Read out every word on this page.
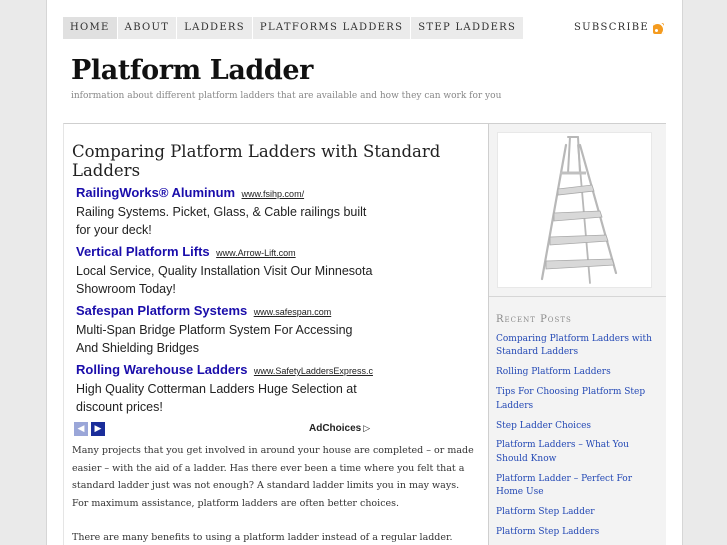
HOME	ABOUT	LADDERS	PLATFORMS LADDERS	STEP LADDERS	SUBSCRIBE
Platform Ladder
information about different platform ladders that are available and how they can work for you
Comparing Platform Ladders with Standard Ladders
RailingWorks® Aluminum www.fsihp.com/
Railing Systems. Picket, Glass, & Cable railings built for your deck!
Vertical Platform Lifts www.Arrow-Lift.com
Local Service, Quality Installation Visit Our Minnesota Showroom Today!
Safespan Platform Systems www.safespan.com
Multi-Span Bridge Platform System For Accessing And Shielding Bridges
Rolling Warehouse Ladders www.SafetyLaddersExpress.c
High Quality Cotterman Ladders Huge Selection at discount prices!
◀	▶	AdChoices ▷

Many projects that you get involved in around your house are completed – or made easier – with the aid of a ladder. Has there ever been a time where you felt that a standard ladder just was not enough? A standard ladder limits you in may ways. For maximum assistance, platform ladders are often better choices.

There are many benefits to using a platform ladder instead of a regular ladder.

Recent Posts
Comparing Platform Ladders with Standard Ladders
Rolling Platform Ladders
Tips For Choosing Platform Step Ladders
Step Ladder Choices
Platform Ladders – What You Should Know
Platform Ladder – Perfect For Home Use
Platform Step Ladder
Platform Step Ladders
